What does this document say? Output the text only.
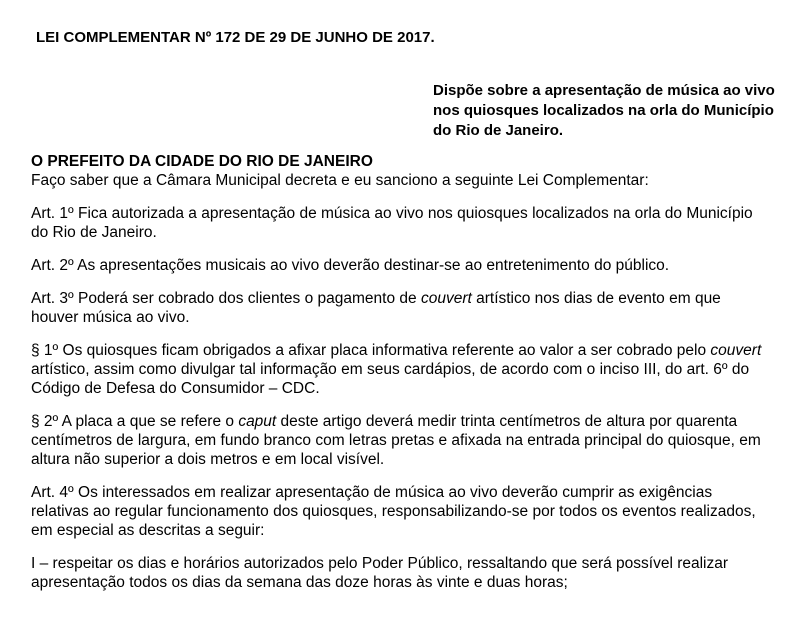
LEI COMPLEMENTAR Nº 172 DE 29 DE JUNHO DE 2017.
Dispõe sobre a apresentação de música ao vivo nos quiosques localizados na orla do Município do Rio de Janeiro.

O PREFEITO DA CIDADE DO RIO DE JANEIRO
Faço saber que a Câmara Municipal decreta e eu sanciono a seguinte Lei Complementar:

Art. 1º Fica autorizada a apresentação de música ao vivo nos quiosques localizados na orla do Município do Rio de Janeiro.

Art. 2º As apresentações musicais ao vivo deverão destinar-se ao entretenimento do público.

Art. 3º Poderá ser cobrado dos clientes o pagamento de couvert artístico nos dias de evento em que houver música ao vivo.

§ 1º Os quiosques ficam obrigados a afixar placa informativa referente ao valor a ser cobrado pelo couvert artístico, assim como divulgar tal informação em seus cardápios, de acordo com o inciso III, do art. 6º do Código de Defesa do Consumidor – CDC.

§ 2º A placa a que se refere o caput deste artigo deverá medir trinta centímetros de altura por quarenta centímetros de largura, em fundo branco com letras pretas e afixada na entrada principal do quiosque, em altura não superior a dois metros e em local visível.

Art. 4º Os interessados em realizar apresentação de música ao vivo deverão cumprir as exigências relativas ao regular funcionamento dos quiosques, responsabilizando-se por todos os eventos realizados, em especial as descritas a seguir:

I – respeitar os dias e horários autorizados pelo Poder Público, ressaltando que será possível realizar apresentação todos os dias da semana das doze horas às vinte e duas horas;
